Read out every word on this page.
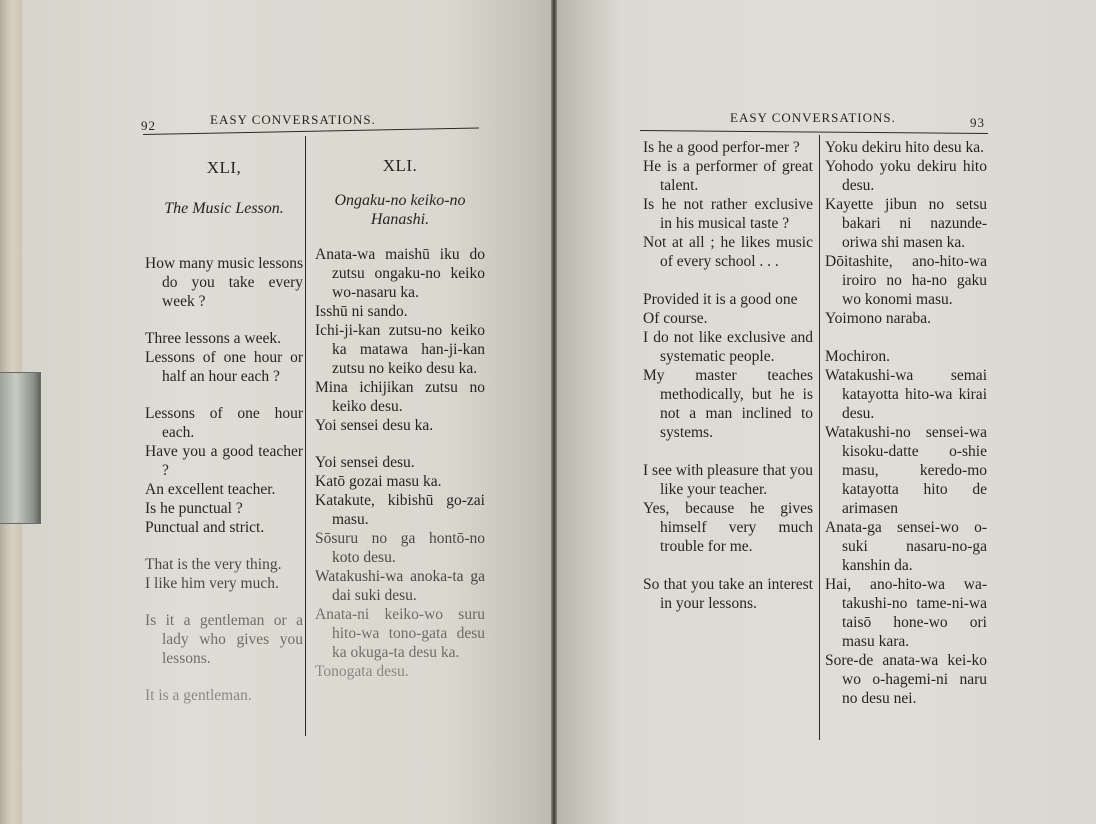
92	EASY CONVERSATIONS.
XLI,
The Music Lesson.
How many music lessons do you take every week ?
Three lessons a week.
Lessons of one hour or half an hour each ?
Lessons of one hour each.
Have you a good teacher ?
An excellent teacher.
Is he punctual ?
Punctual and strict.
That is the very thing.
I like him very much.
Is it a gentleman or a lady who gives you lessons.
It is a gentleman.
XLI.
Ongaku-no keiko-no Hanashi.
Anata-wa maishū iku do zutsu ongaku-no keiko wo-nasaru ka.
Isshū ni sando.
Ichi-ji-kan zutsu-no keiko ka matawa han-ji-kan zutsu no keiko desu ka.
Mina ichijikan zutsu no keiko desu.
Yoi sensei desu ka.
Yoi sensei desu.
Katō gozai masu ka.
Katakute, kibishū go-zai masu.
Sōsuru no ga hontō-no koto desu.
Watakushi-wa anoka-ta ga dai suki desu.
Anata-ni keiko-wo suru hito-wa tono-gata desu ka okuga-ta desu ka.
Tonogata desu.
EASY CONVERSATIONS.	93
Is he a good perfor-mer ?
He is a performer of great talent.
Is he not rather exclusive in his musical taste ?
Not at all ; he likes music of every school . . .
Provided it is a good one
Of course.
I do not like exclusive and systematic people.
My master teaches methodically, but he is not a man inclined to systems.
I see with pleasure that you like your teacher.
Yes, because he gives himself very much trouble for me.
So that you take an interest in your lessons.
Yoku dekiru hito desu ka.
Yohodo yoku dekiru hito desu.
Kayette jibun no setsu bakari ni nazunde-oriwa shi masen ka.
Dōitashite, ano-hito-wa iroiro no ha-no gaku wo konomi masu.
Yoimono naraba.
Mochiron.
Watakushi-wa semai katayotta hito-wa kirai desu.
Watakushi-no sensei-wa kisoku-datte o-shie masu, keredo-mo katayotta hito de arimasen
Anata-ga sensei-wo o-suki nasaru-no-ga kanshin da.
Hai, ano-hito-wa wa-takushi-no tame-ni-wa taisō hone-wo ori masu kara.
Sore-de anata-wa kei-ko wo o-hagemi-ni naru no desu nei.
